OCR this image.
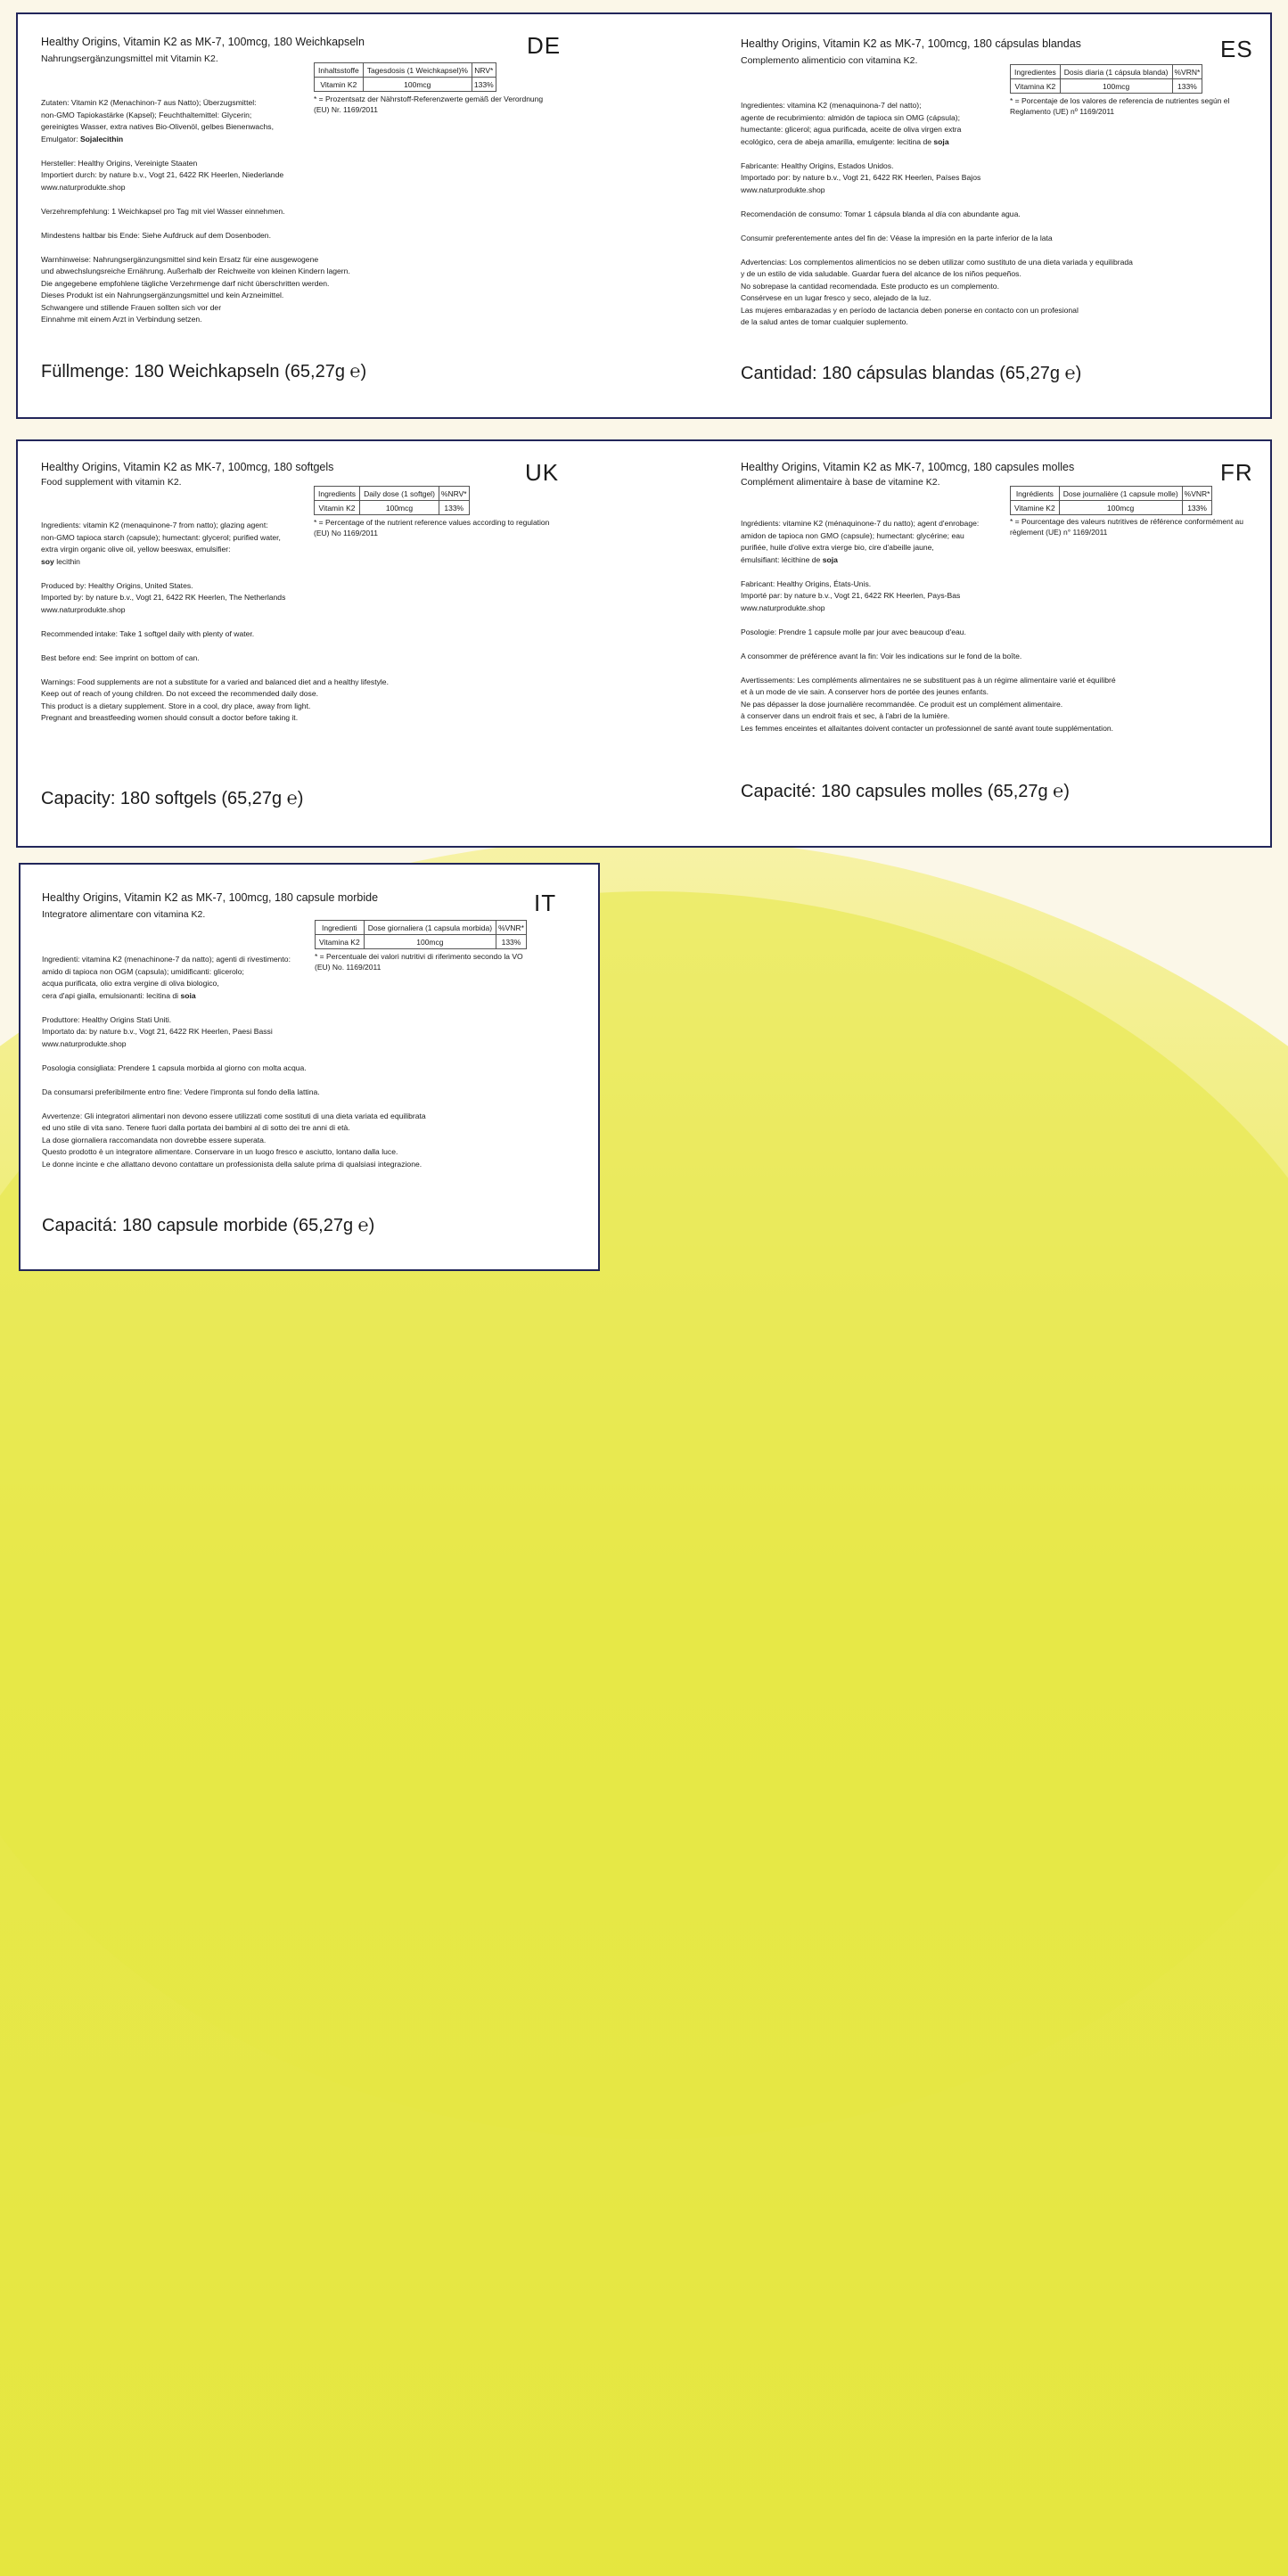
Healthy Origins, Vitamin K2 as MK-7, 100mcg, 180 Weichkapseln
Nahrungsergänzungsmittel mit Vitamin K2.	DE
Inhaltsstoffe	Tagesdosis (1 Weichkapsel)%	NRV*
Vitamin K2	100mcg	133%
* = Prozentsatz der Nährstoff-Referenzwerte gemäß der Verordnung (EU) Nr. 1169/2011
Zutaten: Vitamin K2 (Menachinon-7 aus Natto); Überzugsmittel:
non-GMO Tapiokastärke (Kapsel); Feuchthaltemittel: Glycerin;
gereinigtes Wasser, extra natives Bio-Olivenöl, gelbes Bienenwachs,
Emulgator: Sojalecithin
Hersteller: Healthy Origins, Vereinigte Staaten
Importiert durch: by nature b.v., Vogt 21, 6422 RK Heerlen, Niederlande
www.naturprodukte.shop
Verzehrempfehlung: 1 Weichkapsel pro Tag mit viel Wasser einnehmen.
Mindestens haltbar bis Ende: Siehe Aufdruck auf dem Dosenboden.
Warnhinweise: Nahrungsergänzungsmittel sind kein Ersatz für eine ausgewogene
und abwechslungsreiche Ernährung. Außerhalb der Reichweite von kleinen Kindern lagern.
Die angegebene empfohlene tägliche Verzehrmenge darf nicht überschritten werden.
Dieses Produkt ist ein Nahrungsergänzungsmittel und kein Arzneimittel.
Schwangere und stillende Frauen sollten sich vor der
Einnahme mit einem Arzt in Verbindung setzen.
Füllmenge: 180 Weichkapseln (65,27g ℮)
Healthy Origins, Vitamin K2 as MK-7, 100mcg, 180 cápsulas blandas
Complemento alimenticio con vitamina K2.	ES
Ingredientes	Dosis diaria (1 cápsula blanda)	%VRN*
Vitamina K2	100mcg	133%
* = Porcentaje de los valores de referencia de nutrientes según el Reglamento (UE) nº 1169/2011
Ingredientes: vitamina K2 (menaquinona-7 del natto);
agente de recubrimiento: almidón de tapioca sin OMG (cápsula);
humectante: glicerol; agua purificada, aceite de oliva virgen extra
ecológico, cera de abeja amarilla, emulgente: lecitina de soja
Fabricante: Healthy Origins, Estados Unidos.
Importado por: by nature b.v., Vogt 21, 6422 RK Heerlen, Países Bajos
www.naturprodukte.shop
Recomendación de consumo: Tomar 1 cápsula blanda al día con abundante agua.
Consumir preferentemente antes del fin de: Véase la impresión en la parte inferior de la lata
Advertencias: Los complementos alimenticios no se deben utilizar como sustituto de una dieta variada y equilibrada
y de un estilo de vida saludable. Guardar fuera del alcance de los niños pequeños.
No sobrepase la cantidad recomendada. Este producto es un complemento.
Consérvese en un lugar fresco y seco, alejado de la luz.
Las mujeres embarazadas y en período de lactancia deben ponerse en contacto con un profesional
de la salud antes de tomar cualquier suplemento.
Cantidad: 180 cápsulas blandas (65,27g ℮)
Healthy Origins, Vitamin K2 as MK-7, 100mcg, 180 softgels
Food supplement with vitamin K2.	UK
Ingredients	Daily dose (1 softgel)	%NRV*
Vitamin K2	100mcg	133%
* = Percentage of the nutrient reference values according to regulation (EU) No 1169/2011
Ingredients: vitamin K2 (menaquinone-7 from natto); glazing agent:
non-GMO tapioca starch (capsule); humectant: glycerol; purified water,
extra virgin organic olive oil, yellow beeswax, emulsifier:
soy lecithin
Produced by: Healthy Origins, United States.
Imported by: by nature b.v., Vogt 21, 6422 RK Heerlen, The Netherlands
www.naturprodukte.shop
Recommended intake: Take 1 softgel daily with plenty of water.
Best before end: See imprint on bottom of can.
Warnings: Food supplements are not a substitute for a varied and balanced diet and a healthy lifestyle.
Keep out of reach of young children. Do not exceed the recommended daily dose.
This product is a dietary supplement. Store in a cool, dry place, away from light.
Pregnant and breastfeeding women should consult a doctor before taking it.
Capacity: 180 softgels (65,27g ℮)
Healthy Origins, Vitamin K2 as MK-7, 100mcg, 180 capsules molles
Complément alimentaire à base de vitamine K2.	FR
Ingrédients	Dose journalière (1 capsule molle)	%VNR*
Vitamine K2	100mcg	133%
* = Pourcentage des valeurs nutritives de référence conformément au règlement (UE) n° 1169/2011
Ingrédients: vitamine K2 (ménaquinone-7 du natto); agent d'enrobage:
amidon de tapioca non GMO (capsule); humectant: glycérine; eau
purifiée, huile d'olive extra vierge bio, cire d'abeille jaune,
émulsifiant: lécithine de soja
Fabricant: Healthy Origins, États-Unis.
Importé par: by nature b.v., Vogt 21, 6422 RK Heerlen, Pays-Bas
www.naturprodukte.shop
Posologie: Prendre 1 capsule molle par jour avec beaucoup d'eau.
A consommer de préférence avant la fin: Voir les indications sur le fond de la boîte.
Avertissements: Les compléments alimentaires ne se substituent pas à un régime alimentaire varié et équilibré
et à un mode de vie sain. A conserver hors de portée des jeunes enfants.
Ne pas dépasser la dose journalière recommandée. Ce produit est un complément alimentaire.
à conserver dans un endroit frais et sec, à l'abri de la lumière.
Les femmes enceintes et allaitantes doivent contacter un professionnel de santé avant toute supplémentation.
Capacité: 180 capsules molles (65,27g ℮)
Healthy Origins, Vitamin K2 as MK-7, 100mcg, 180 capsule morbide
Integratore alimentare con vitamina K2.	IT
Ingredienti	Dose giornaliera (1 capsula morbida)	%VNR*
Vitamina K2	100mcg	133%
* = Percentuale dei valori nutritivi di riferimento secondo la VO (EU) No. 1169/2011
Ingredienti: vitamina K2 (menachinone-7 da natto); agenti di rivestimento:
amido di tapioca non OGM (capsula); umidificanti: glicerolo;
acqua purificata, olio extra vergine di oliva biologico,
cera d'api gialla, emulsionanti: lecitina di soia
Produttore: Healthy Origins Stati Uniti.
Importato da: by nature b.v., Vogt 21, 6422 RK Heerlen, Paesi Bassi
www.naturprodukte.shop
Posologia consigliata: Prendere 1 capsula morbida al giorno con molta acqua.
Da consumarsi preferibilmente entro fine: Vedere l'impronta sul fondo della lattina.
Avvertenze: Gli integratori alimentari non devono essere utilizzati come sostituti di una dieta variata ed equilibrata
ed uno stile di vita sano. Tenere fuori dalla portata dei bambini al di sotto dei tre anni di età.
La dose giornaliera raccomandata non dovrebbe essere superata.
Questo prodotto è un integratore alimentare. Conservare in un luogo fresco e asciutto, lontano dalla luce.
Le donne incinte e che allattano devono contattare un professionista della salute prima di qualsiasi integrazione.
Capacitá: 180 capsule morbide (65,27g ℮)
